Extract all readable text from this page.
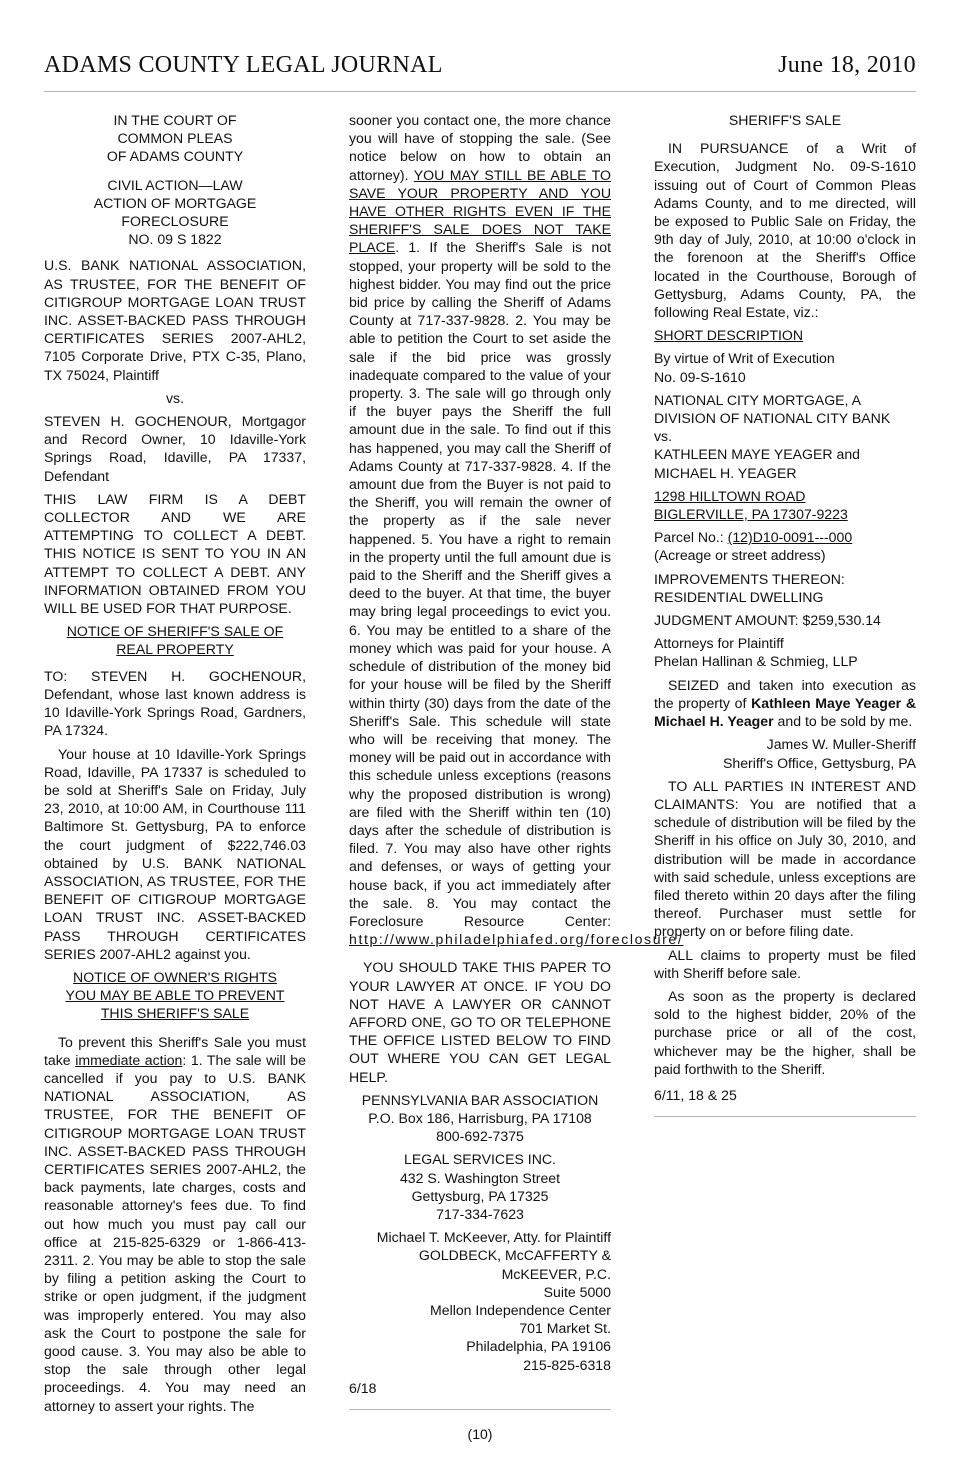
ADAMS COUNTY LEGAL JOURNAL	June 18, 2010

IN THE COURT OF
COMMON PLEAS
OF ADAMS COUNTY

CIVIL ACTION—LAW
ACTION OF MORTGAGE
FORECLOSURE
NO. 09 S 1822

U.S. BANK NATIONAL ASSOCIATION, AS TRUSTEE, FOR THE BENEFIT OF CITIGROUP MORTGAGE LOAN TRUST INC. ASSET-BACKED PASS THROUGH CERTIFICATES SERIES 2007-AHL2, 7105 Corporate Drive, PTX C-35, Plano, TX 75024, Plaintiff

vs.

STEVEN H. GOCHENOUR, Mortgagor and Record Owner, 10 Idaville-York Springs Road, Idaville, PA 17337, Defendant

THIS LAW FIRM IS A DEBT COLLECTOR AND WE ARE ATTEMPTING TO COLLECT A DEBT. THIS NOTICE IS SENT TO YOU IN AN ATTEMPT TO COLLECT A DEBT. ANY INFORMATION OBTAINED FROM YOU WILL BE USED FOR THAT PURPOSE.

NOTICE OF SHERIFF'S SALE OF
REAL PROPERTY

TO: STEVEN H. GOCHENOUR, Defendant, whose last known address is 10 Idaville-York Springs Road, Gardners, PA 17324.

Your house at 10 Idaville-York Springs Road, Idaville, PA 17337 is scheduled to be sold at Sheriff's Sale on Friday, July 23, 2010, at 10:00 AM, in Courthouse 111 Baltimore St. Gettysburg, PA to enforce the court judgment of $222,746.03 obtained by U.S. BANK NATIONAL ASSOCIATION, AS TRUSTEE, FOR THE BENEFIT OF CITIGROUP MORTGAGE LOAN TRUST INC. ASSET-BACKED PASS THROUGH CERTIFICATES SERIES 2007-AHL2 against you.

NOTICE OF OWNER'S RIGHTS
YOU MAY BE ABLE TO PREVENT
THIS SHERIFF'S SALE

To prevent this Sheriff's Sale you must take immediate action: 1. The sale will be cancelled if you pay to U.S. BANK NATIONAL ASSOCIATION, AS TRUSTEE, FOR THE BENEFIT OF CITIGROUP MORTGAGE LOAN TRUST INC. ASSET-BACKED PASS THROUGH CERTIFICATES SERIES 2007-AHL2, the back payments, late charges, costs and reasonable attorney's fees due. To find out how much you must pay call our office at 215-825-6329 or 1-866-413-2311. 2. You may be able to stop the sale by filing a petition asking the Court to strike or open judgment, if the judgment was improperly entered. You may also ask the Court to postpone the sale for good cause. 3. You may also be able to stop the sale through other legal proceedings. 4. You may need an attorney to assert your rights. The

sooner you contact one, the more chance you will have of stopping the sale. (See notice below on how to obtain an attorney). YOU MAY STILL BE ABLE TO SAVE YOUR PROPERTY AND YOU HAVE OTHER RIGHTS EVEN IF THE SHERIFF'S SALE DOES NOT TAKE PLACE. 1. If the Sheriff's Sale is not stopped, your property will be sold to the highest bidder. You may find out the price bid price by calling the Sheriff of Adams County at 717-337-9828. 2. You may be able to petition the Court to set aside the sale if the bid price was grossly inadequate compared to the value of your property. 3. The sale will go through only if the buyer pays the Sheriff the full amount due in the sale. To find out if this has happened, you may call the Sheriff of Adams County at 717-337-9828. 4. If the amount due from the Buyer is not paid to the Sheriff, you will remain the owner of the property as if the sale never happened. 5. You have a right to remain in the property until the full amount due is paid to the Sheriff and the Sheriff gives a deed to the buyer. At that time, the buyer may bring legal proceedings to evict you. 6. You may be entitled to a share of the money which was paid for your house. A schedule of distribution of the money bid for your house will be filed by the Sheriff within thirty (30) days from the date of the Sheriff's Sale. This schedule will state who will be receiving that money. The money will be paid out in accordance with this schedule unless exceptions (reasons why the proposed distribution is wrong) are filed with the Sheriff within ten (10) days after the schedule of distribution is filed. 7. You may also have other rights and defenses, or ways of getting your house back, if you act immediately after the sale. 8. You may contact the Foreclosure Resource Center: http://www.philadelphiafed.org/foreclosure/

YOU SHOULD TAKE THIS PAPER TO YOUR LAWYER AT ONCE. IF YOU DO NOT HAVE A LAWYER OR CANNOT AFFORD ONE, GO TO OR TELEPHONE THE OFFICE LISTED BELOW TO FIND OUT WHERE YOU CAN GET LEGAL HELP.

PENNSYLVANIA BAR ASSOCIATION
P.O. Box 186, Harrisburg, PA 17108
800-692-7375

LEGAL SERVICES INC.
432 S. Washington Street
Gettysburg, PA 17325
717-334-7623

Michael T. McKeever, Atty. for Plaintiff
GOLDBECK, McCAFFERTY &
McKEEVER, P.C.
Suite 5000
Mellon Independence Center
701 Market St.
Philadelphia, PA 19106
215-825-6318

6/18

SHERIFF'S SALE

IN PURSUANCE of a Writ of Execution, Judgment No. 09-S-1610 issuing out of Court of Common Pleas Adams County, and to me directed, will be exposed to Public Sale on Friday, the 9th day of July, 2010, at 10:00 o'clock in the forenoon at the Sheriff's Office located in the Courthouse, Borough of Gettysburg, Adams County, PA, the following Real Estate, viz.:

SHORT DESCRIPTION

By virtue of Writ of Execution
No. 09-S-1610

NATIONAL CITY MORTGAGE, A DIVISION OF NATIONAL CITY BANK
vs.
KATHLEEN MAYE YEAGER and MICHAEL H. YEAGER

1298 HILLTOWN ROAD
BIGLERVILLE, PA 17307-9223

Parcel No.: (12)D10-0091---000
(Acreage or street address)

IMPROVEMENTS THEREON:
RESIDENTIAL DWELLING

JUDGMENT AMOUNT: $259,530.14

Attorneys for Plaintiff
Phelan Hallinan & Schmieg, LLP

SEIZED and taken into execution as the property of Kathleen Maye Yeager & Michael H. Yeager and to be sold by me.

James W. Muller-Sheriff
Sheriff's Office, Gettysburg, PA

TO ALL PARTIES IN INTEREST AND CLAIMANTS: You are notified that a schedule of distribution will be filed by the Sheriff in his office on July 30, 2010, and distribution will be made in accordance with said schedule, unless exceptions are filed thereto within 20 days after the filing thereof. Purchaser must settle for property on or before filing date.

ALL claims to property must be filed with Sheriff before sale.

As soon as the property is declared sold to the highest bidder, 20% of the purchase price or all of the cost, whichever may be the higher, shall be paid forthwith to the Sheriff.

6/11, 18 & 25

(10)
